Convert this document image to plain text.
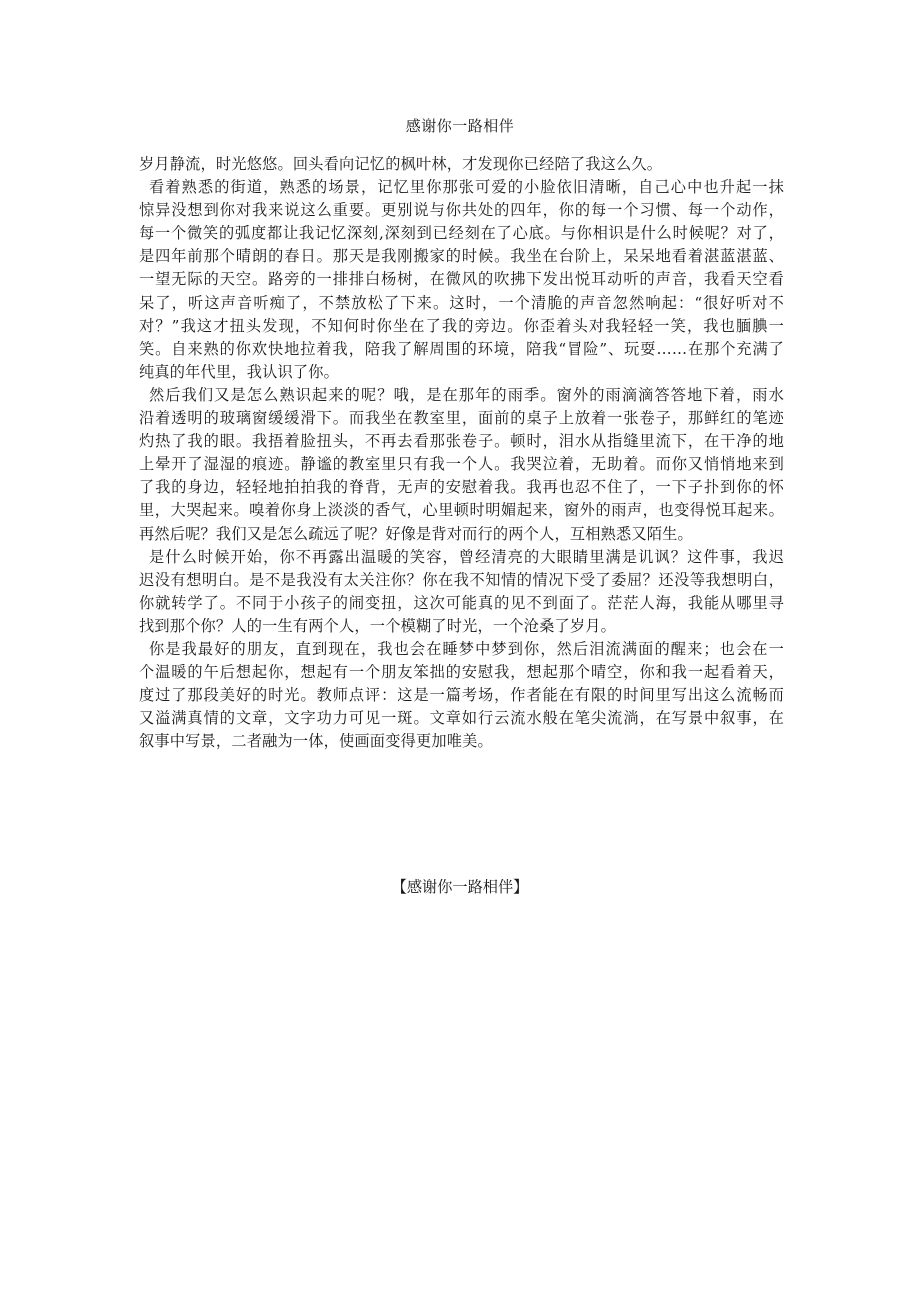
感谢你一路相伴
岁月静流，时光悠悠。回头看向记忆的枫叶林，才发现你已经陪了我这么久。
看着熟悉的街道，熟悉的场景，记忆里你那张可爱的小脸依旧清晰，自己心中也升起一抹
惊异没想到你对我来说这么重要。更别说与你共处的四年，你的每一个习惯、每一个动作，
每一个微笑的弧度都让我记忆深刻,深刻到已经刻在了心底。与你相识是什么时候呢？对了，
是四年前那个晴朗的春日。那天是我刚搬家的时候。我坐在台阶上，呆呆地看着湛蓝湛蓝、
一望无际的天空。路旁的一排排白杨树，在微风的吹拂下发出悦耳动听的声音，我看天空看
呆了，听这声音听痴了，不禁放松了下来。这时，一个清脆的声音忽然响起：“很好听对不
对？”我这才扭头发现，不知何时你坐在了我的旁边。你歪着头对我轻轻一笑，我也腼腆一
笑。自来熟的你欢快地拉着我，陪我了解周围的环境，陪我“冒险”、玩耍……在那个充满了
纯真的年代里，我认识了你。
然后我们又是怎么熟识起来的呢？哦，是在那年的雨季。窗外的雨滴滴答答地下着，雨水
沿着透明的玻璃窗缓缓滑下。而我坐在教室里，面前的桌子上放着一张卷子，那鲜红的笔迹
灼热了我的眼。我捂着脸扭头，不再去看那张卷子。顿时，泪水从指缝里流下，在干净的地
上晕开了湿湿的痕迹。静谧的教室里只有我一个人。我哭泣着，无助着。而你又悄悄地来到
了我的身边，轻轻地拍拍我的脊背，无声的安慰着我。我再也忍不住了，一下子扑到你的怀
里，大哭起来。嗅着你身上淡淡的香气，心里顿时明媚起来，窗外的雨声，也变得悦耳起来。
再然后呢？我们又是怎么疏远了呢？好像是背对而行的两个人，互相熟悉又陌生。
是什么时候开始，你不再露出温暖的笑容，曾经清亮的大眼睛里满是讥讽？这件事，我迟
迟没有想明白。是不是我没有太关注你？你在我不知情的情况下受了委屈？还没等我想明白，
你就转学了。不同于小孩子的闹变扭，这次可能真的见不到面了。茫茫人海，我能从哪里寻
找到那个你？人的一生有两个人，一个模糊了时光，一个沧桑了岁月。
你是我最好的朋友，直到现在，我也会在睡梦中梦到你，然后泪流满面的醒来；也会在一
个温暖的午后想起你，想起有一个朋友笨拙的安慰我，想起那个晴空，你和我一起看着天，
度过了那段美好的时光。教师点评：这是一篇考场，作者能在有限的时间里写出这么流畅而
又溢满真情的文章，文字功力可见一斑。文章如行云流水般在笔尖流淌，在写景中叙事，在
叙事中写景，二者融为一体，使画面变得更加唯美。
【感谢你一路相伴】
